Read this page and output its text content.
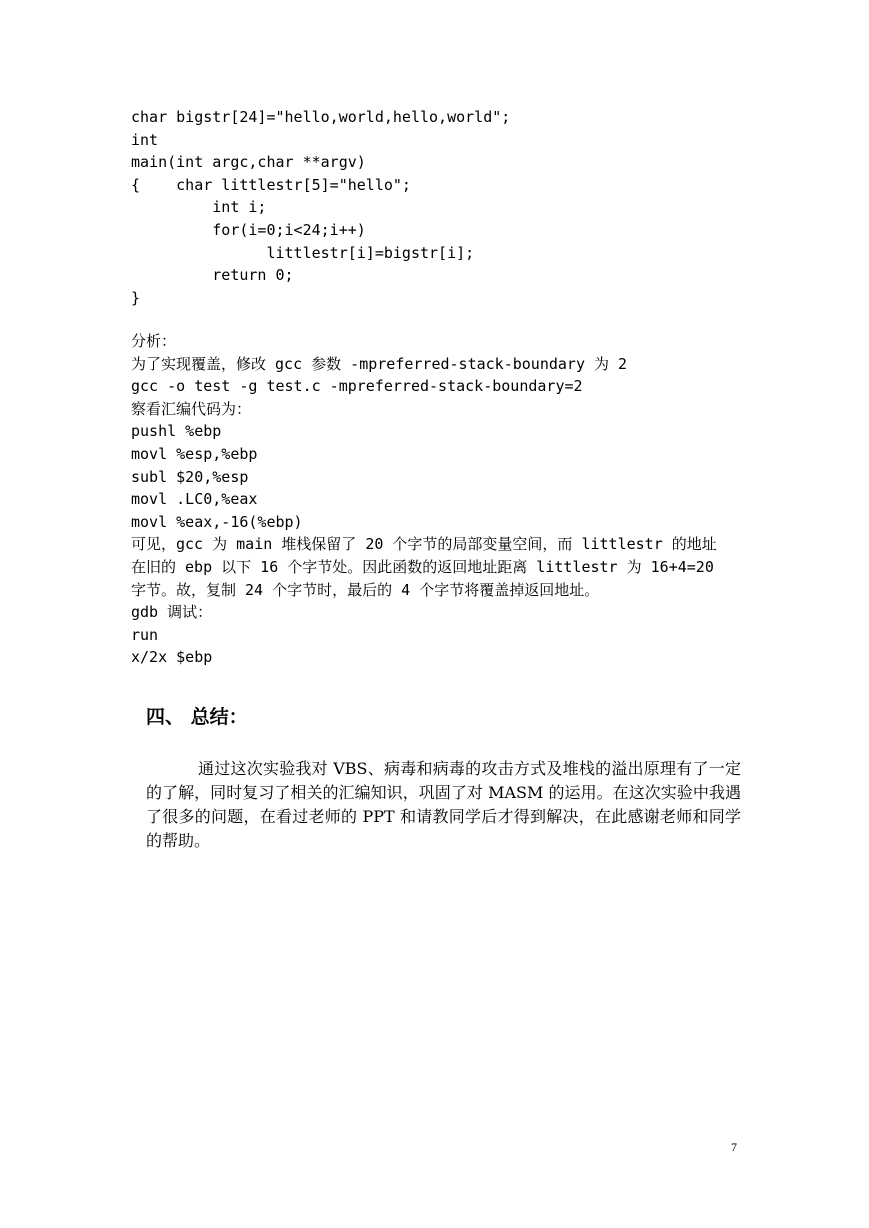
char bigstr[24]="hello,world,hello,world";
int
main(int argc,char **argv)
{    char littlestr[5]="hello";
int i;
for(i=0;i<24;i++)
littlestr[i]=bigstr[i];
return 0;
}
分析：
为了实现覆盖，修改 gcc 参数 -mpreferred-stack-boundary 为 2
gcc -o test -g test.c -mpreferred-stack-boundary=2
察看汇编代码为：
pushl %ebp
movl %esp,%ebp
subl $20,%esp
movl .LC0,%eax
movl %eax,-16(%ebp)
可见，gcc 为 main 堆栈保留了 20 个字节的局部变量空间，而 littlestr 的地址
在旧的 ebp 以下 16 个字节处。因此函数的返回地址距离 littlestr 为 16+4=20
字节。故，复制 24 个字节时，最后的 4 个字节将覆盖掉返回地址。
gdb 调试：
run
x/2x $ebp
四、 总结：

通过这次实验我对 VBS、病毒和病毒的攻击方式及堆栈的溢出原理有了一定的了解，同时复习了相关的汇编知识，巩固了对 MASM 的运用。在这次实验中我遇了很多的问题，在看过老师的 PPT 和请教同学后才得到解决，在此感谢老师和同学的帮助。

7
